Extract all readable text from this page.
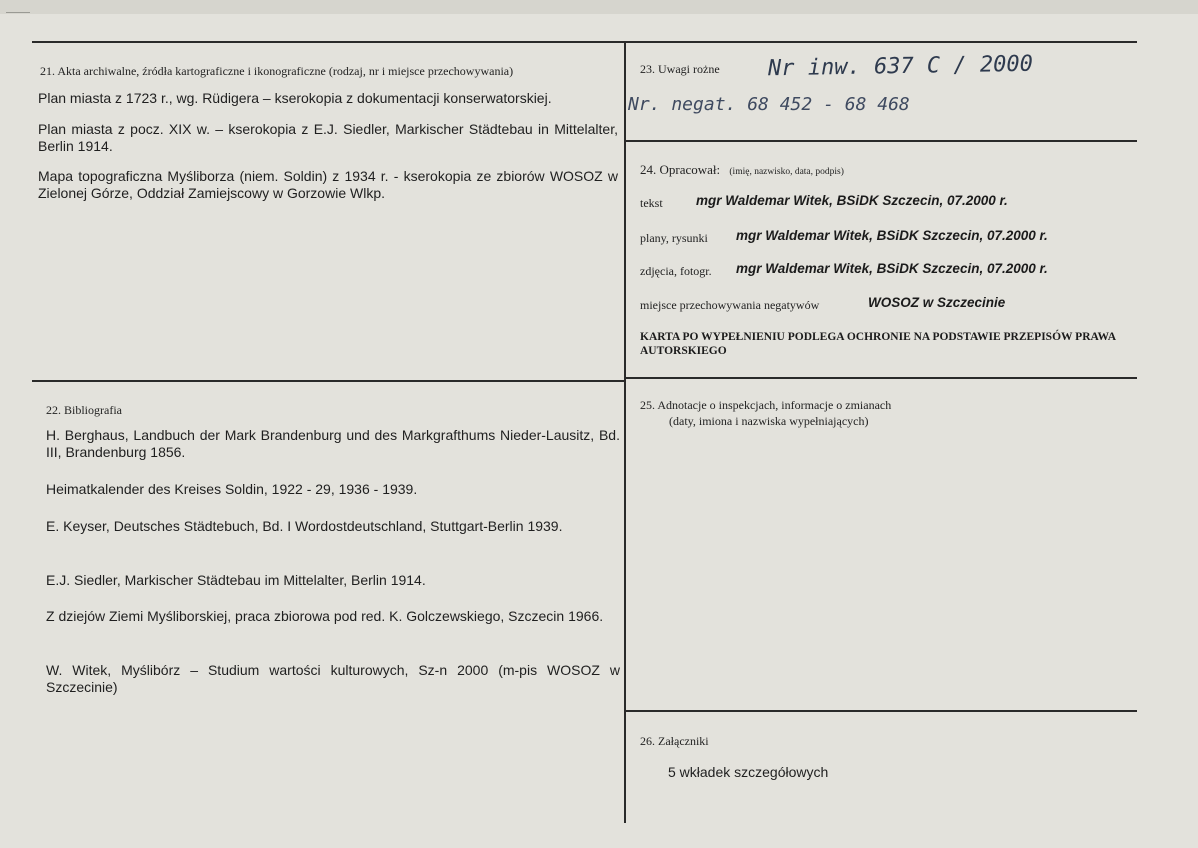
21. Akta archiwalne, źródła kartograficzne i ikonograficzne (rodzaj, nr i miejsce przechowywania)
Plan miasta z 1723 r., wg. Rüdigera – kserokopia z dokumentacji konserwatorskiej.
Plan miasta z pocz. XIX w. – kserokopia z E.J. Siedler, Markischer Städtebau in Mittelalter, Berlin 1914.
Mapa topograficzna Myśliborza (niem. Soldin) z 1934 r. - kserokopia ze zbiorów WOSOZ w Zielonej Górze, Oddział Zamiejscowy w Gorzowie Wlkp.
22. Bibliografia
H. Berghaus, Landbuch der Mark Brandenburg und des Markgrafthums Nieder-Lausitz, Bd. III, Brandenburg 1856.
Heimatkalender des Kreises Soldin, 1922 - 29, 1936 - 1939.
E. Keyser, Deutsches Städtebuch, Bd. I Wordostdeutschland, Stuttgart-Berlin 1939.
E.J. Siedler, Markischer Städtebau im Mittelalter, Berlin 1914.
Z dziejów Ziemi Myśliborskiej, praca zbiorowa pod red. K. Golczewskiego, Szczecin 1966.
W. Witek, Myślibórz – Studium wartości kulturowych, Sz-n 2000 (m-pis WOSOZ w Szczecinie)
23. Uwagi rożne Nr inw. 637 C / 2000
Nr. negat. 68 452 - 68 468
24. Opracował: (imię, nazwisko, data, podpis)
tekst mgr Waldemar Witek, BSiDK Szczecin, 07.2000 r.
plany, rysunki mgr Waldemar Witek, BSiDK Szczecin, 07.2000 r.
zdjęcia, fotogr. mgr Waldemar Witek, BSiDK Szczecin, 07.2000 r.
miejsce przechowywania negatywów	WOSOZ w Szczecinie
KARTA PO WYPEŁNIENIU PODLEGA OCHRONIE NA PODSTAWIE PRZEPISÓW PRAWA AUTORSKIEGO
25. Adnotacje o inspekcjach, informacje o zmianach
(daty, imiona i nazwiska wypełniających)
26. Załączniki
5 wkładek szczegółowych
